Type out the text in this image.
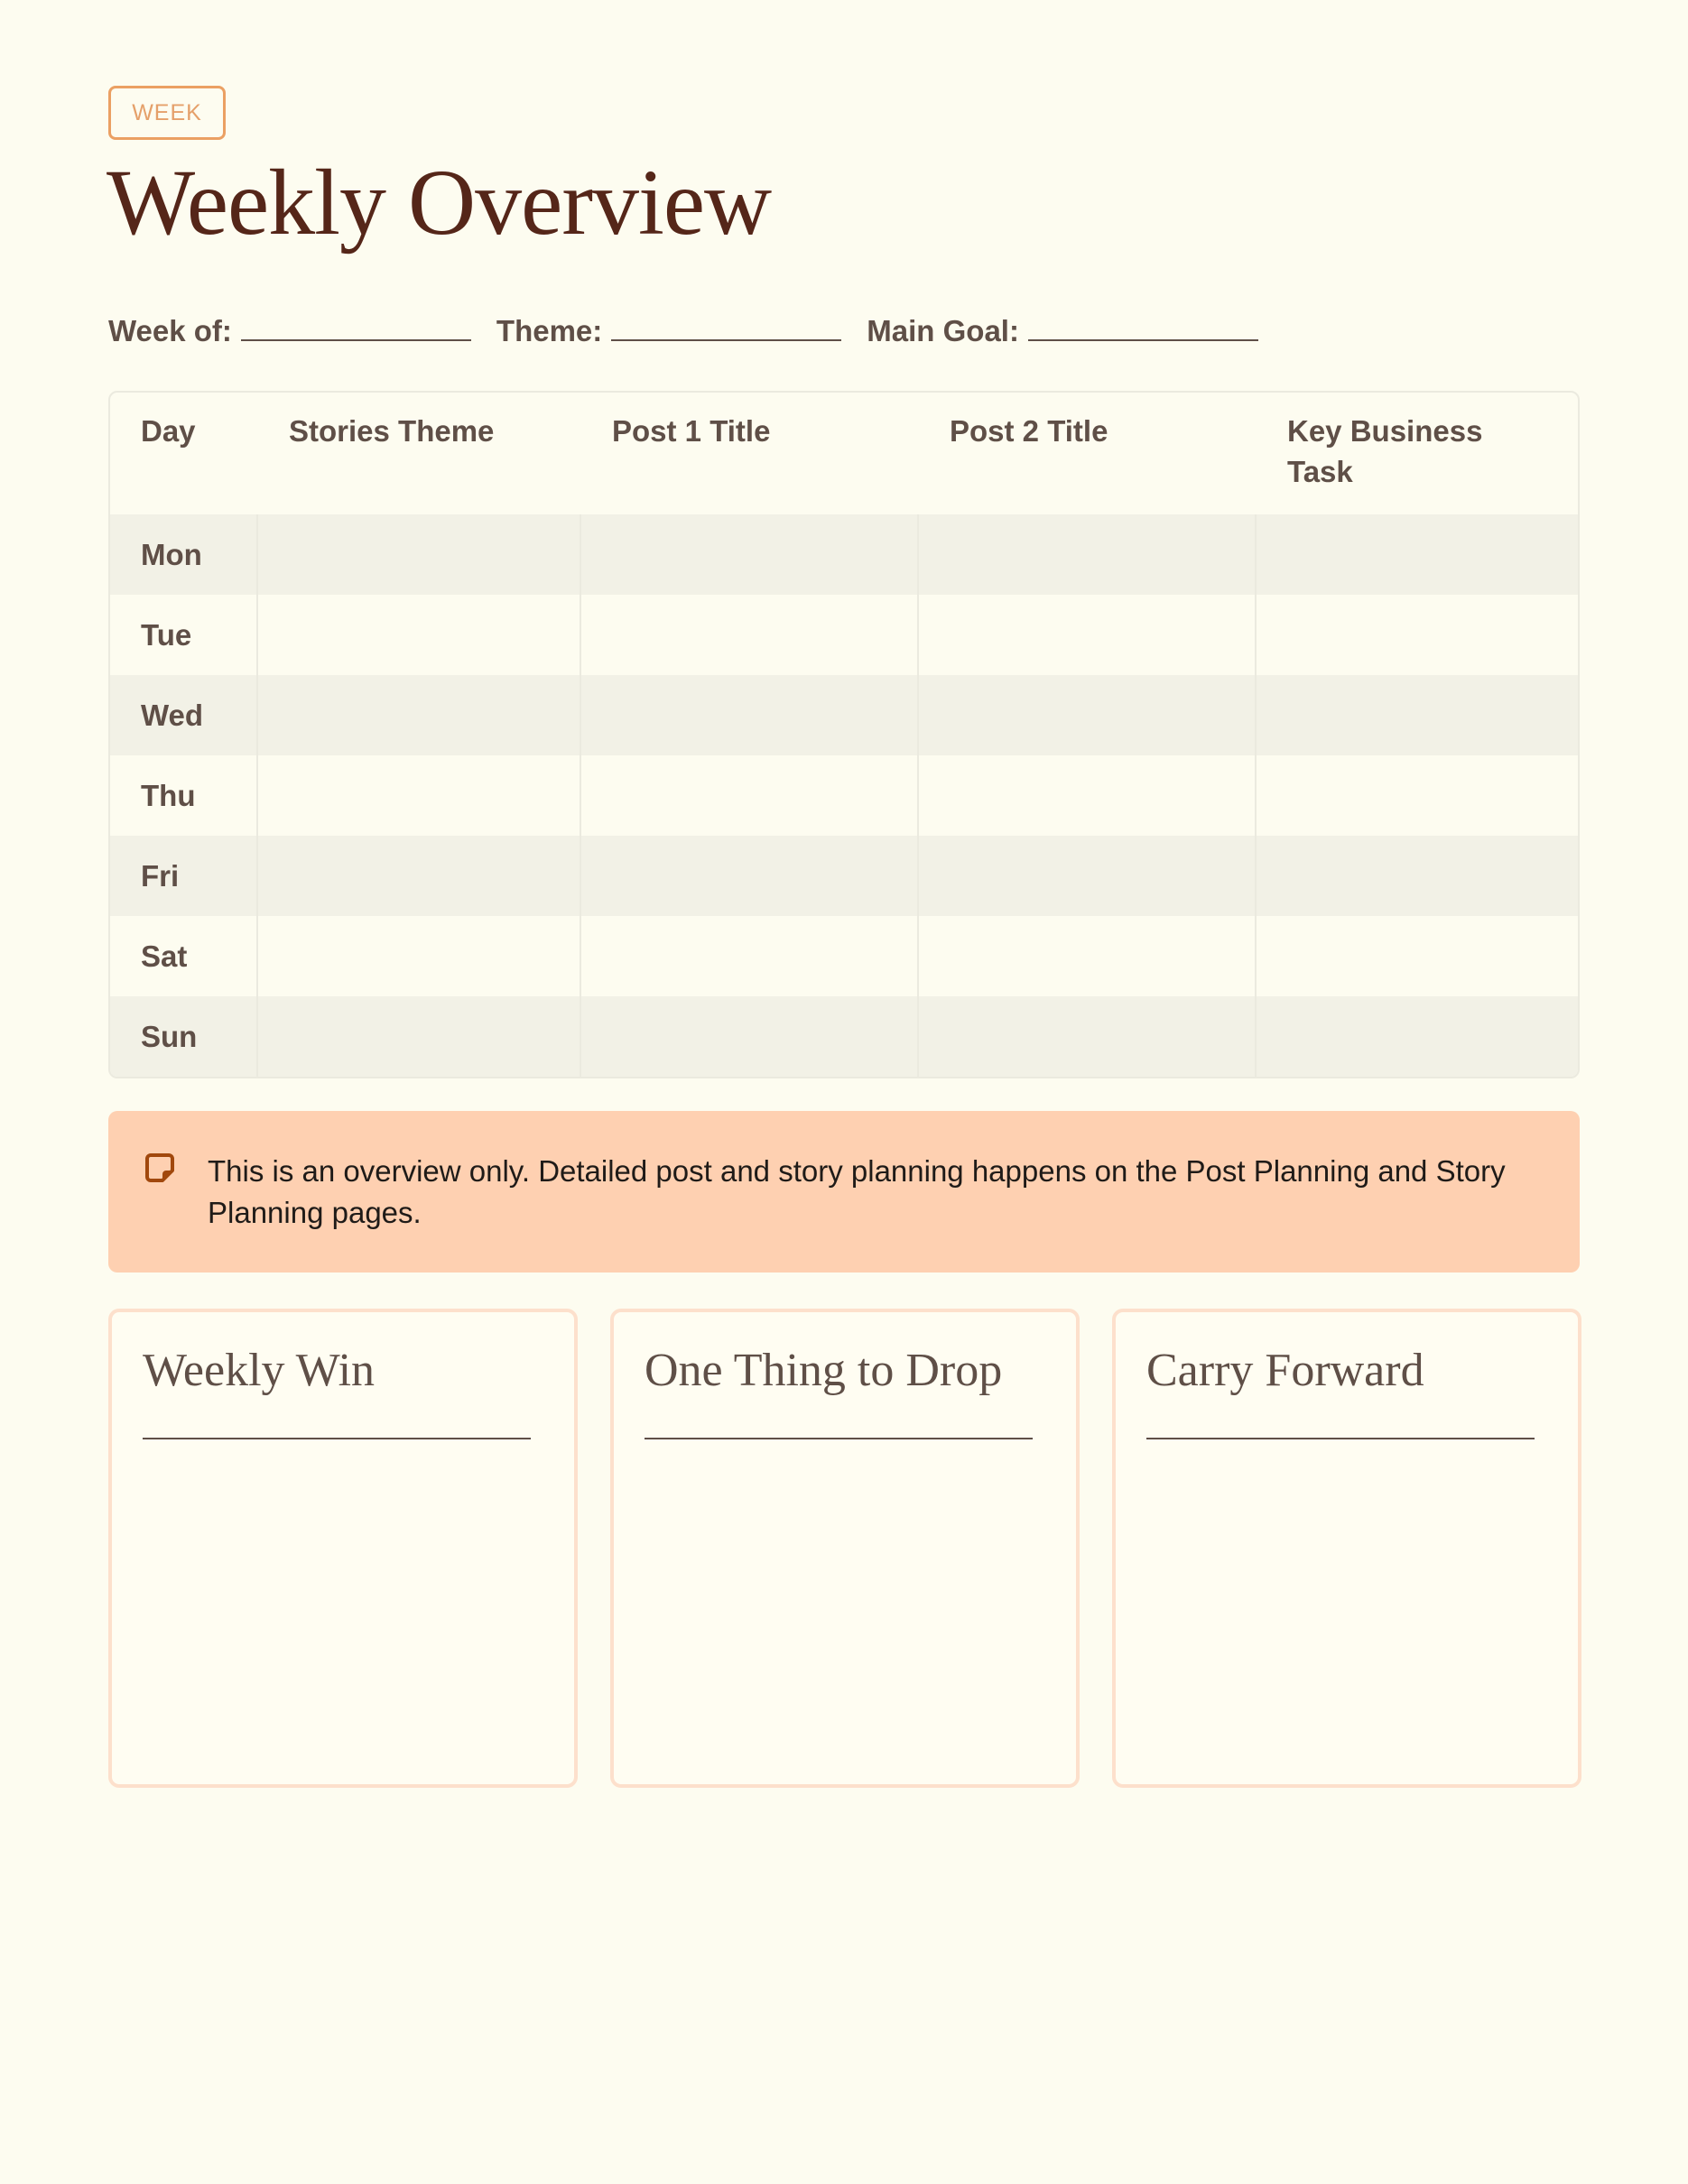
WEEK
Weekly Overview
Week of:	Theme:	Main Goal:
Day	Stories Theme	Post 1 Title	Post 2 Title	Key Business Task
Mon
Tue
Wed
Thu
Fri
Sat
Sun
This is an overview only. Detailed post and story planning happens on the Post Planning and Story Planning pages.
Weekly Win	One Thing to Drop	Carry Forward
